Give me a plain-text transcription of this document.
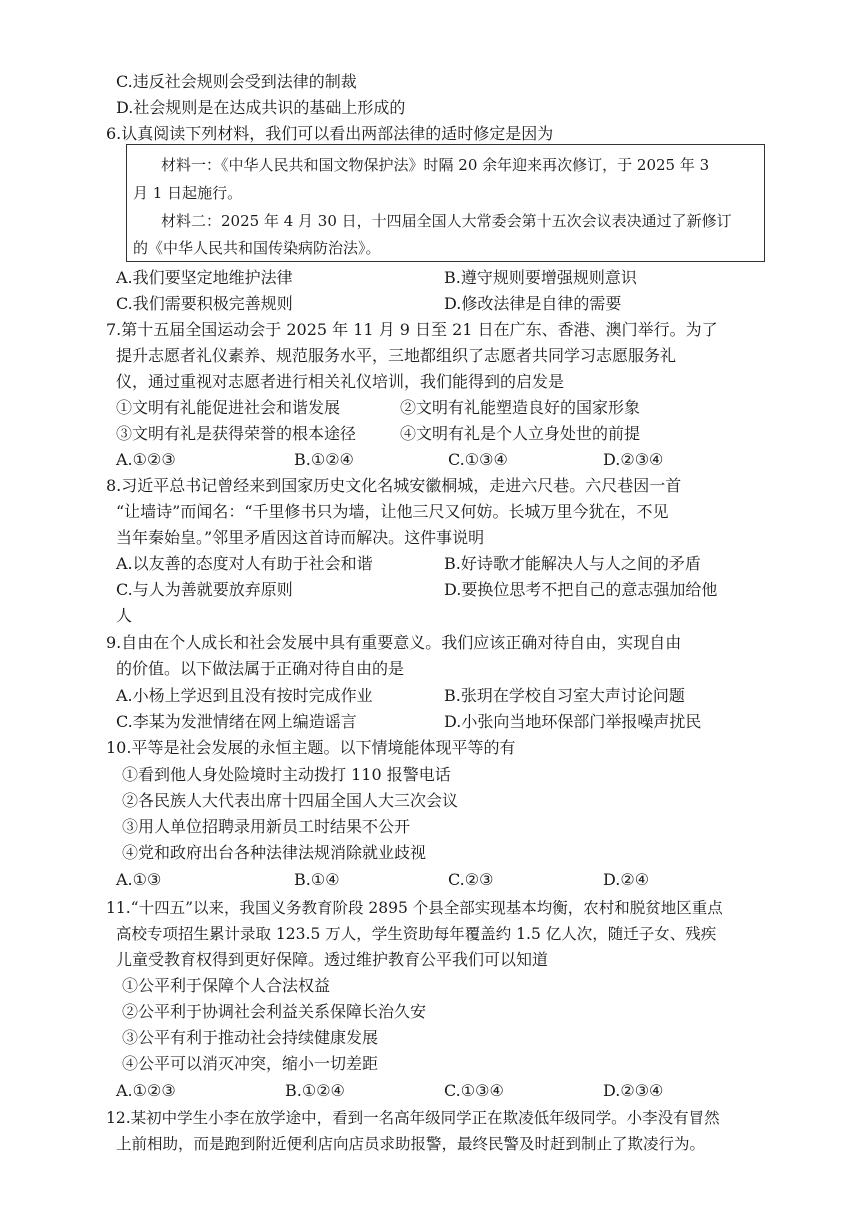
C.违反社会规则会受到法律的制裁
D.社会规则是在达成共识的基础上形成的
6.认真阅读下列材料，我们可以看出两部法律的适时修定是因为
材料一：《中华人民共和国文物保护法》时隔 20 余年迎来再次修订，于 2025 年 3
月 1 日起施行。
材料二：2025 年 4 月 30 日，十四届全国人大常委会第十五次会议表决通过了新修订
的《中华人民共和国传染病防治法》。
A.我们要坚定地维护法律	B.遵守规则要增强规则意识
C.我们需要积极完善规则	D.修改法律是自律的需要
7.第十五届全国运动会于 2025 年 11 月 9 日至 21 日在广东、香港、澳门举行。为了
提升志愿者礼仪素养、规范服务水平，三地都组织了志愿者共同学习志愿服务礼
仪，通过重视对志愿者进行相关礼仪培训，我们能得到的启发是
①文明有礼能促进社会和谐发展	②文明有礼能塑造良好的国家形象
③文明有礼是获得荣誉的根本途径	④文明有礼是个人立身处世的前提
A.①②③	B.①②④	C.①③④	D.②③④
8.习近平总书记曾经来到国家历史文化名城安徽桐城，走进六尺巷。六尺巷因一首
“让墙诗”而闻名：“千里修书只为墙，让他三尺又何妨。长城万里今犹在，不见
当年秦始皇。”邻里矛盾因这首诗而解决。这件事说明
A.以友善的态度对人有助于社会和谐	B.好诗歌才能解决人与人之间的矛盾
C.与人为善就要放弃原则	D.要换位思考不把自己的意志强加给他
人
9.自由在个人成长和社会发展中具有重要意义。我们应该正确对待自由，实现自由
的价值。以下做法属于正确对待自由的是
A.小杨上学迟到且没有按时完成作业	B.张玥在学校自习室大声讨论问题
C.李某为发泄情绪在网上编造谣言	D.小张向当地环保部门举报噪声扰民
10.平等是社会发展的永恒主题。以下情境能体现平等的有
①看到他人身处险境时主动拨打 110 报警电话
②各民族人大代表出席十四届全国人大三次会议
③用人单位招聘录用新员工时结果不公开
④党和政府出台各种法律法规消除就业歧视
A.①③	B.①④	C.②③	D.②④
11.“十四五”以来，我国义务教育阶段 2895 个县全部实现基本均衡，农村和脱贫地区重点
高校专项招生累计录取 123.5 万人，学生资助每年覆盖约 1.5 亿人次，随迁子女、残疾
儿童受教育权得到更好保障。透过维护教育公平我们可以知道
①公平利于保障个人合法权益
②公平利于协调社会利益关系保障长治久安
③公平有利于推动社会持续健康发展
④公平可以消灭冲突，缩小一切差距
A.①②③	B.①②④	C.①③④	D.②③④
12.某初中学生小李在放学途中，看到一名高年级同学正在欺凌低年级同学。小李没有冒然
上前相助，而是跑到附近便利店向店员求助报警，最终民警及时赶到制止了欺凌行为。
